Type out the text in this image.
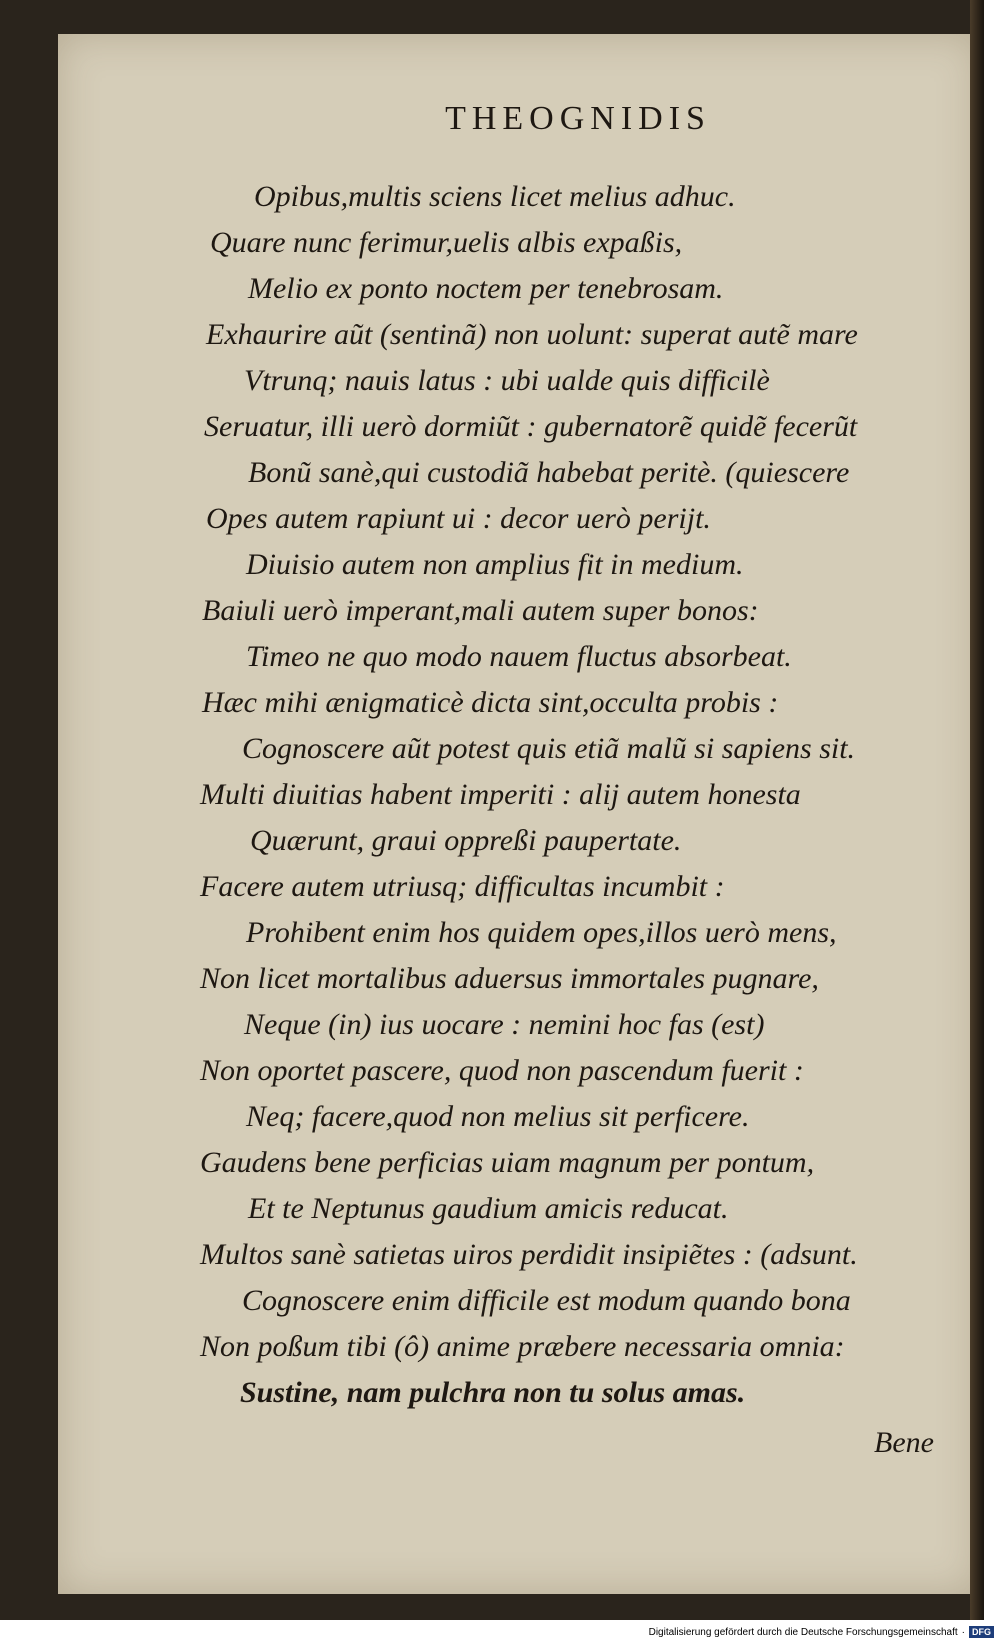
THEOGNIDIS
Opibus,multis sciens licet melius adhuc.
Quare nunc ferimur,uelis albis expaßis,
Melio ex ponto noctem per tenebrosam.
Exhaurire aũt (sentinã) non uolunt: superat autẽ mare
Vtrunq; nauis latus : ubi ualde quis difficilè
Seruatur, illi uerò dormiũt : gubernatorẽ quidẽ fecerũt
Bonũ sanè,qui custodiã habebat peritè. (quiescere
Opes autem rapiunt ui : decor uerò perijt.
Diuisio autem non amplius fit in medium.
Baiuli uerò imperant,mali autem super bonos:
Timeo ne quo modo nauem fluctus absorbeat.
Hæc mihi ænigmaticè dicta sint,occulta probis :
Cognoscere aũt potest quis etiã malũ si sapiens sit.
Multi diuitias habent imperiti : alij autem honesta
Quærunt, graui oppreßi paupertate.
Facere autem utriusq; difficultas incumbit :
Prohibent enim hos quidem opes,illos uerò mens,
Non licet mortalibus aduersus immortales pugnare,
Neque (in) ius uocare : nemini hoc fas (est)
Non oportet pascere, quod non pascendum fuerit :
Neq; facere,quod non melius sit perficere.
Gaudens bene perficias uiam magnum per pontum,
Et te Neptunus gaudium amicis reducat.
Multos sanè satietas uiros perdidit insipiẽtes : (adsunt.
Cognoscere enim difficile est modum quando bona
Non poßum tibi (ô) anime præbere necessaria omnia:
Sustine, nam pulchra non tu solus amas.
Bene
Digitalisierung gefördert durch die Deutsche Forschungsgemeinschaft · DFG
